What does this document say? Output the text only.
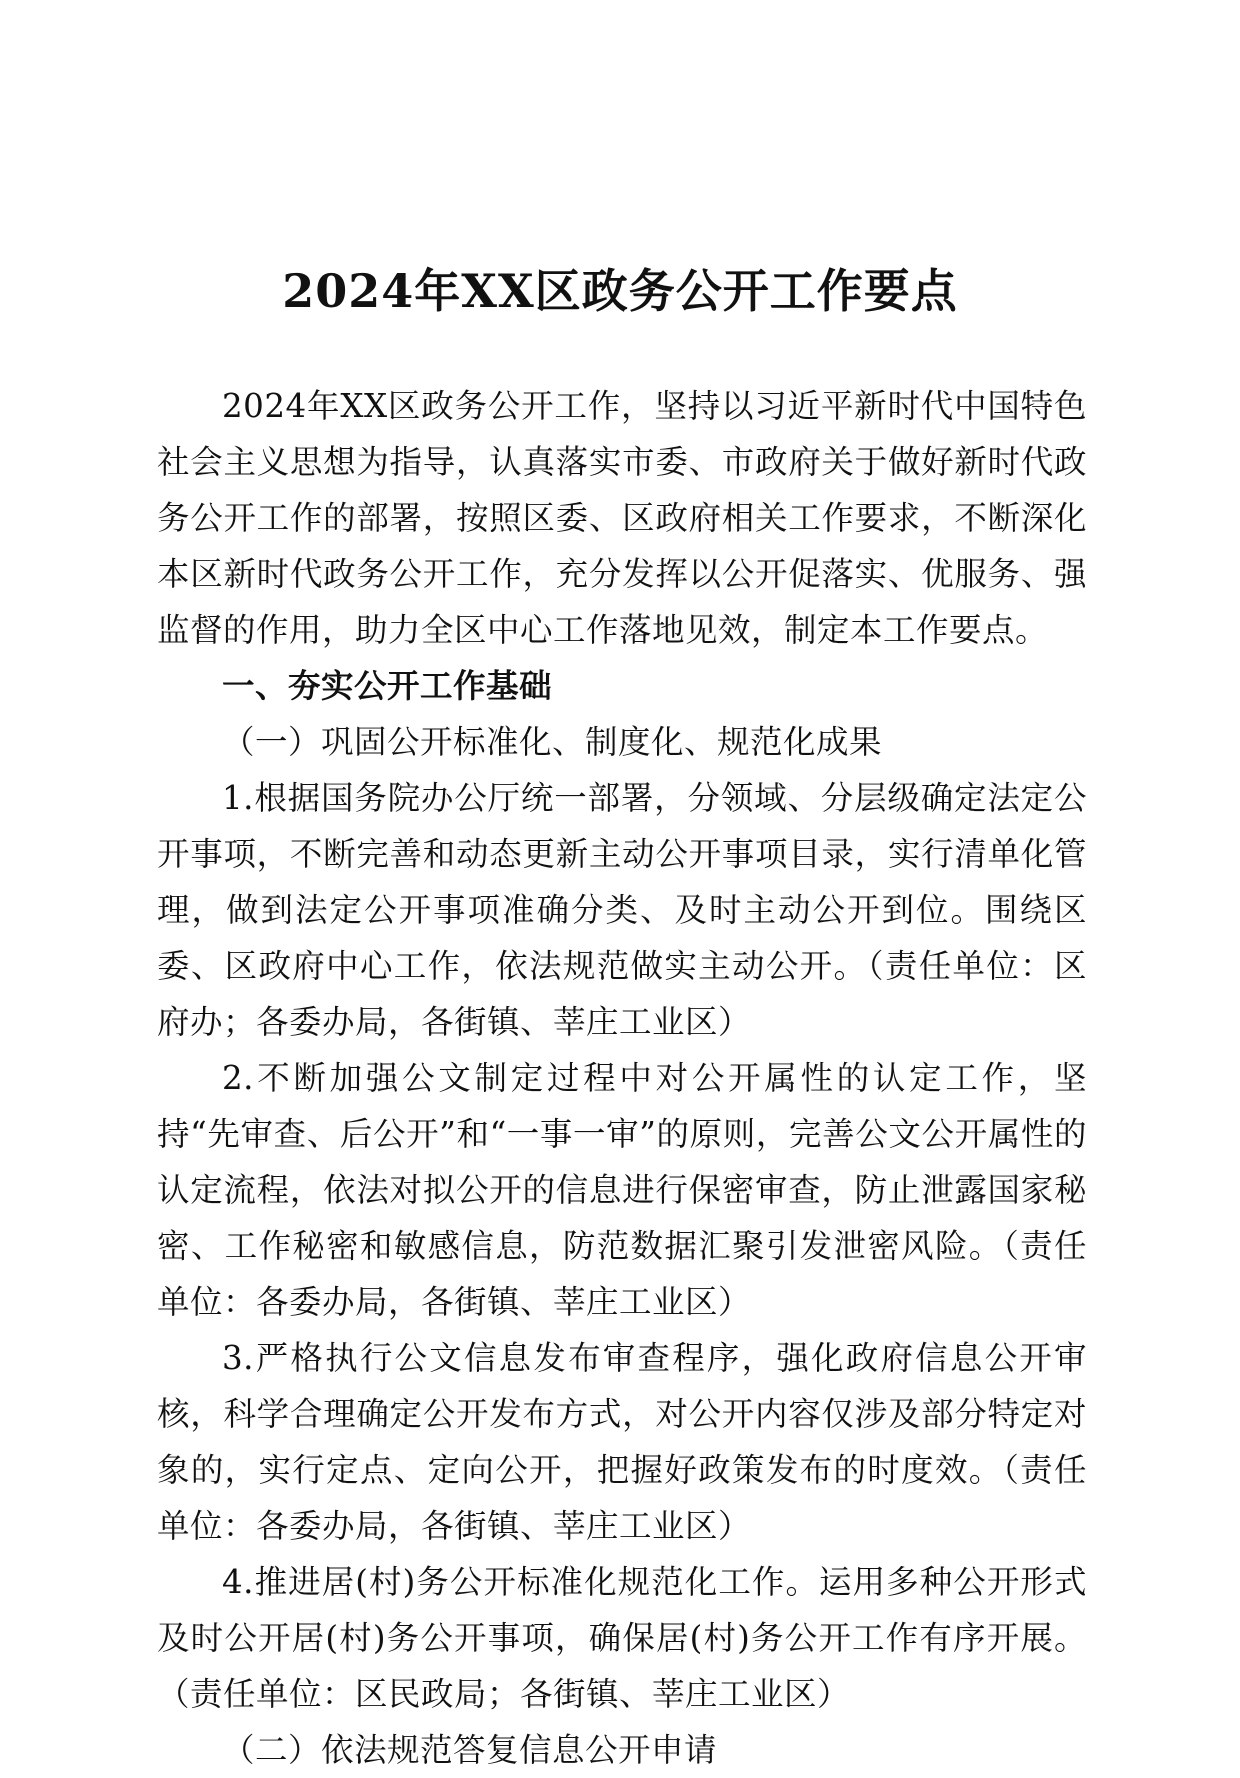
2024年XX区政务公开工作要点

2024年XX区政务公开工作，坚持以习近平新时代中国特色社会主义思想为指导，认真落实市委、市政府关于做好新时代政务公开工作的部署，按照区委、区政府相关工作要求，不断深化本区新时代政务公开工作，充分发挥以公开促落实、优服务、强监督的作用，助力全区中心工作落地见效，制定本工作要点。

一、夯实公开工作基础

（一）巩固公开标准化、制度化、规范化成果

1.根据国务院办公厅统一部署，分领域、分层级确定法定公开事项，不断完善和动态更新主动公开事项目录，实行清单化管理，做到法定公开事项准确分类、及时主动公开到位。围绕区委、区政府中心工作，依法规范做实主动公开。（责任单位：区府办；各委办局，各街镇、莘庄工业区）

2.不断加强公文制定过程中对公开属性的认定工作，坚持“先审查、后公开”和“一事一审”的原则，完善公文公开属性的认定流程，依法对拟公开的信息进行保密审查，防止泄露国家秘密、工作秘密和敏感信息，防范数据汇聚引发泄密风险。（责任单位：各委办局，各街镇、莘庄工业区）

3.严格执行公文信息发布审查程序，强化政府信息公开审核，科学合理确定公开发布方式，对公开内容仅涉及部分特定对象的，实行定点、定向公开，把握好政策发布的时度效。（责任单位：各委办局，各街镇、莘庄工业区）

4.推进居(村)务公开标准化规范化工作。运用多种公开形式及时公开居(村)务公开事项，确保居(村)务公开工作有序开展。（责任单位：区民政局；各街镇、莘庄工业区）

（二）依法规范答复信息公开申请
